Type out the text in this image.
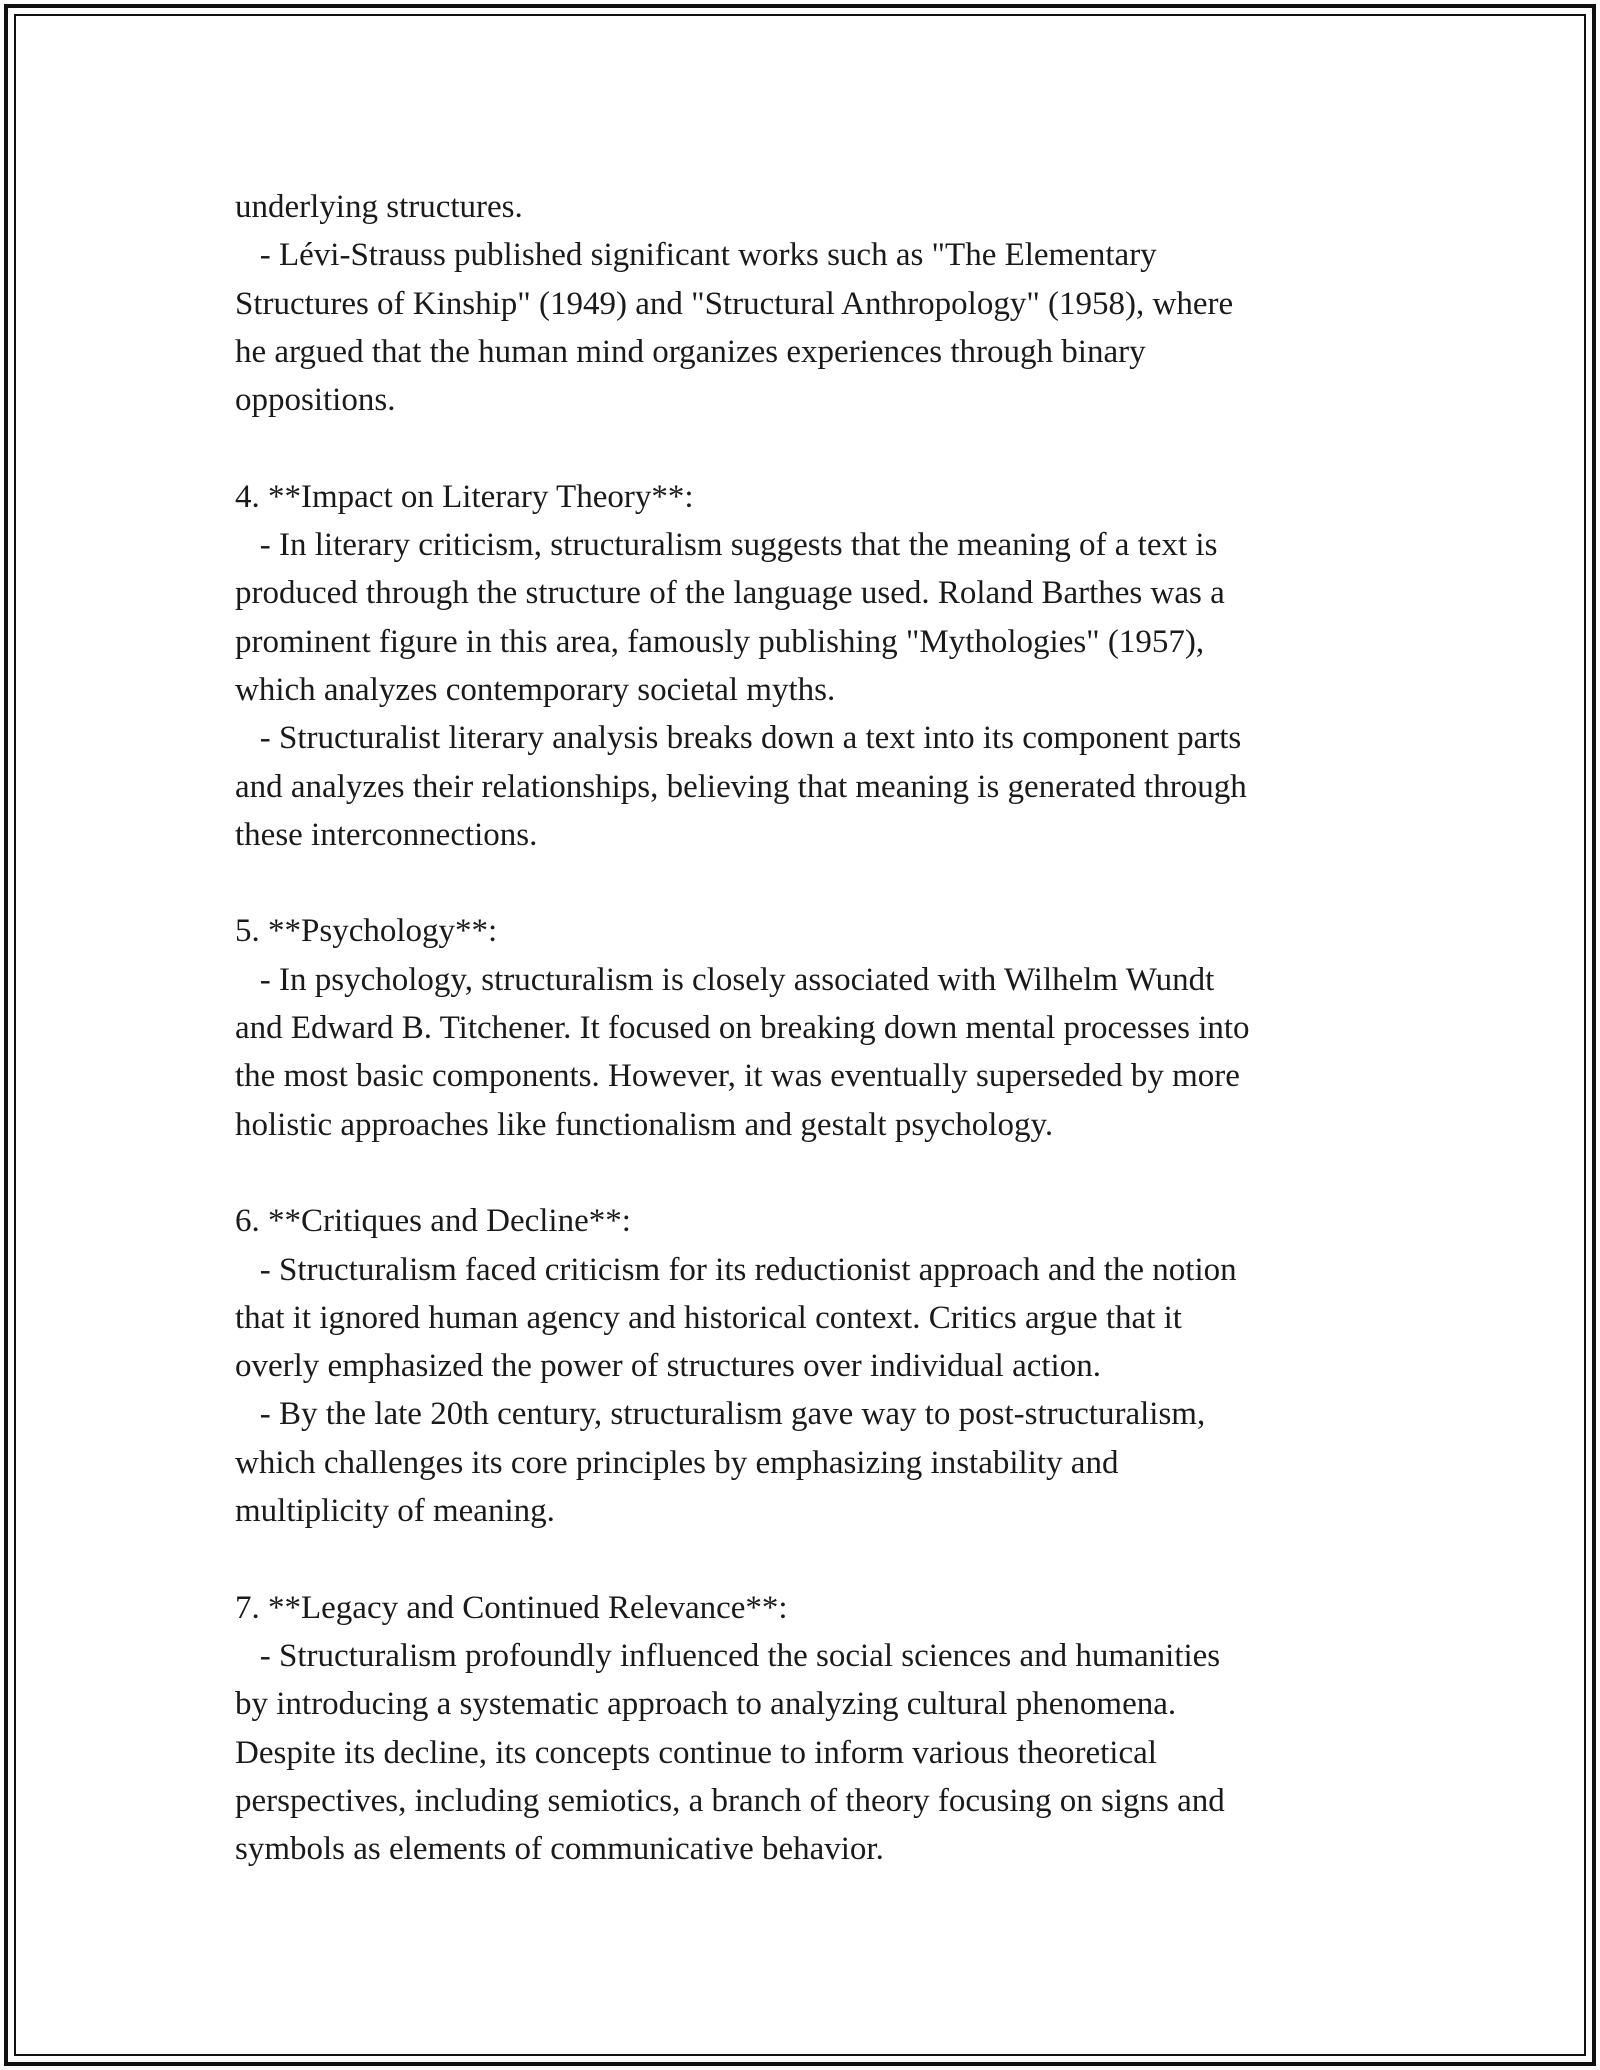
underlying structures.
- Lévi-Strauss published significant works such as "The Elementary
Structures of Kinship" (1949) and "Structural Anthropology" (1958), where
he argued that the human mind organizes experiences through binary
oppositions.
4. **Impact on Literary Theory**:
- In literary criticism, structuralism suggests that the meaning of a text is
produced through the structure of the language used. Roland Barthes was a
prominent figure in this area, famously publishing "Mythologies" (1957),
which analyzes contemporary societal myths.
- Structuralist literary analysis breaks down a text into its component parts
and analyzes their relationships, believing that meaning is generated through
these interconnections.
5. **Psychology**:
- In psychology, structuralism is closely associated with Wilhelm Wundt
and Edward B. Titchener. It focused on breaking down mental processes into
the most basic components. However, it was eventually superseded by more
holistic approaches like functionalism and gestalt psychology.
6. **Critiques and Decline**:
- Structuralism faced criticism for its reductionist approach and the notion
that it ignored human agency and historical context. Critics argue that it
overly emphasized the power of structures over individual action.
- By the late 20th century, structuralism gave way to post-structuralism,
which challenges its core principles by emphasizing instability and
multiplicity of meaning.
7. **Legacy and Continued Relevance**:
- Structuralism profoundly influenced the social sciences and humanities
by introducing a systematic approach to analyzing cultural phenomena.
Despite its decline, its concepts continue to inform various theoretical
perspectives, including semiotics, a branch of theory focusing on signs and
symbols as elements of communicative behavior.
